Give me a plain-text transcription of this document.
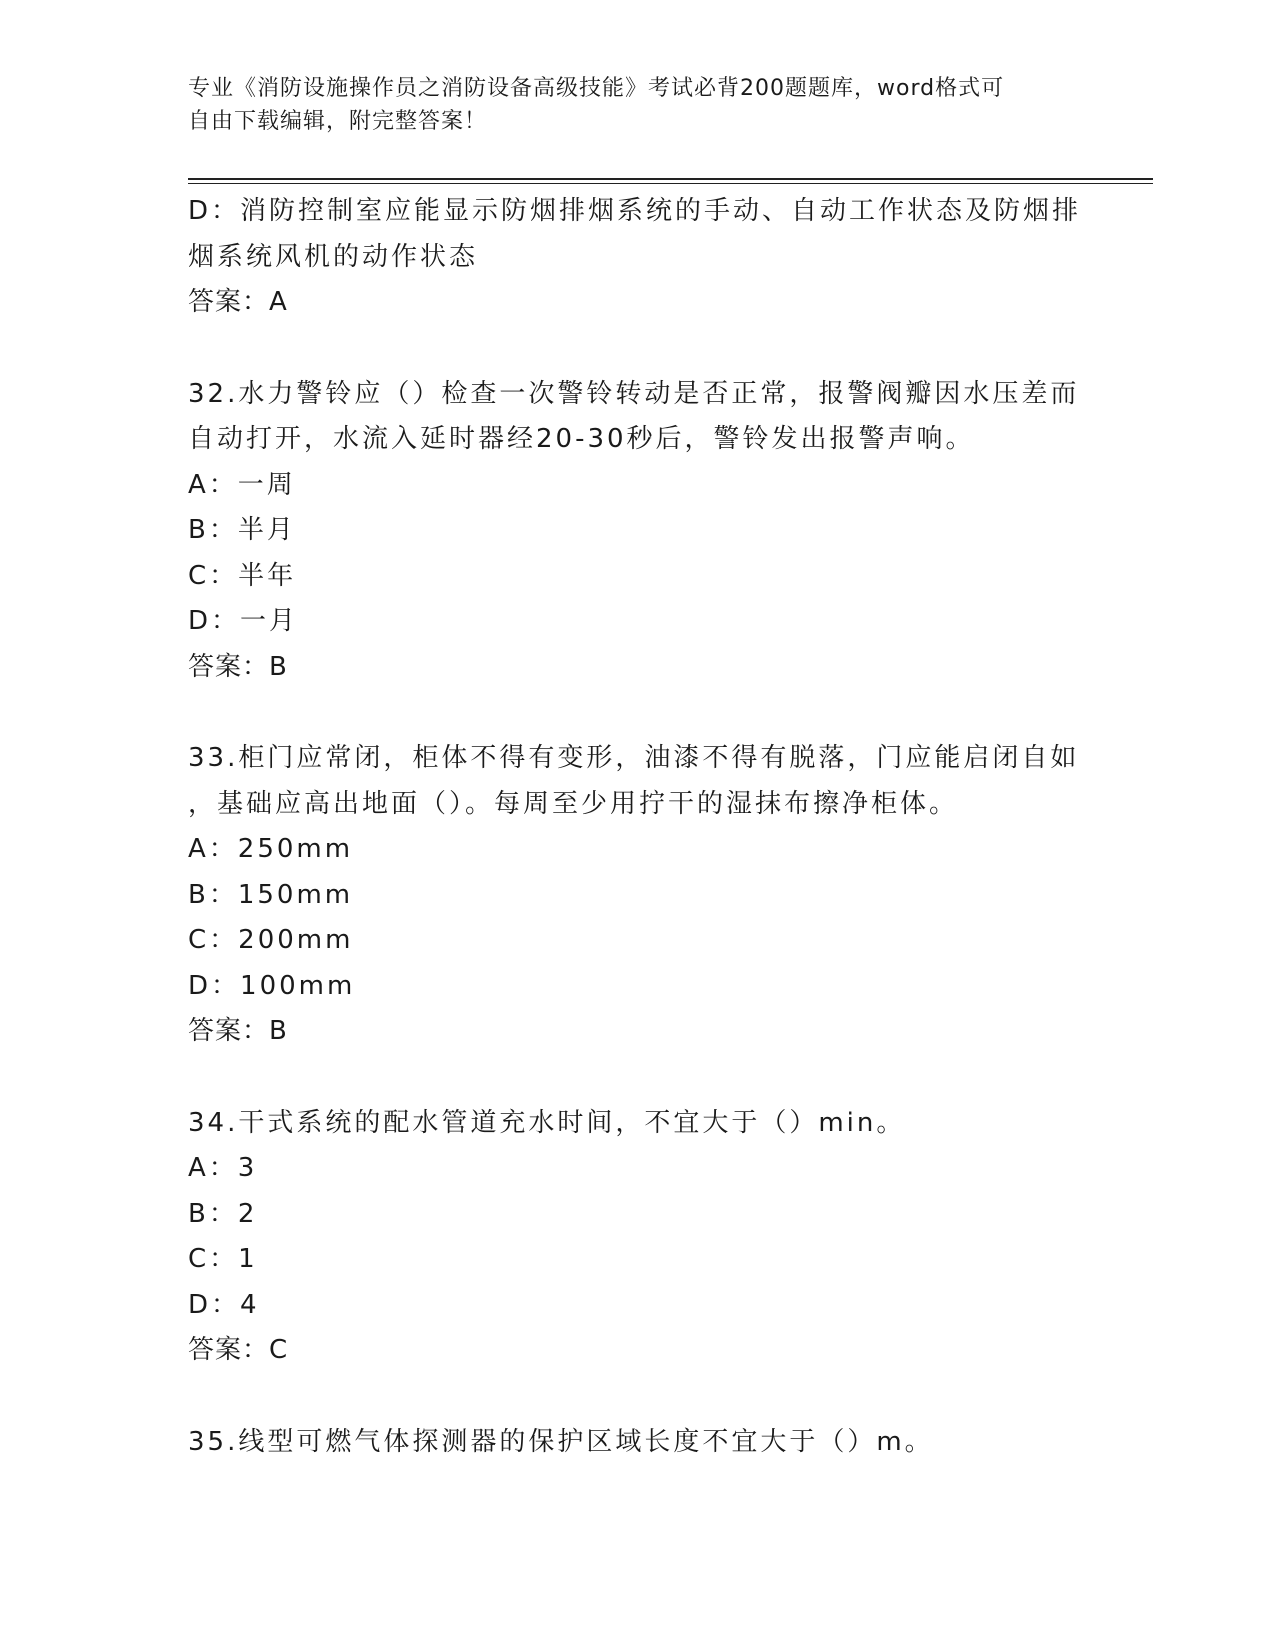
专业《消防设施操作员之消防设备高级技能》考试必背200题题库，word格式可
自由下载编辑，附完整答案！
D：消防控制室应能显示防烟排烟系统的手动、自动工作状态及防烟排
烟系统风机的动作状态
答案：A
32.水力警铃应（）检查一次警铃转动是否正常，报警阀瓣因水压差而
自动打开，水流入延时器经20-30秒后，警铃发出报警声响。
A：一周
B：半月
C：半年
D：一月
答案：B
33.柜门应常闭，柜体不得有变形，油漆不得有脱落，门应能启闭自如
，基础应高出地面（）。每周至少用拧干的湿抹布擦净柜体。
A：250mm
B：150mm
C：200mm
D：100mm
答案：B
34.干式系统的配水管道充水时间，不宜大于（）min。
A：3
B：2
C：1
D：4
答案：C
35.线型可燃气体探测器的保护区域长度不宜大于（）m。
